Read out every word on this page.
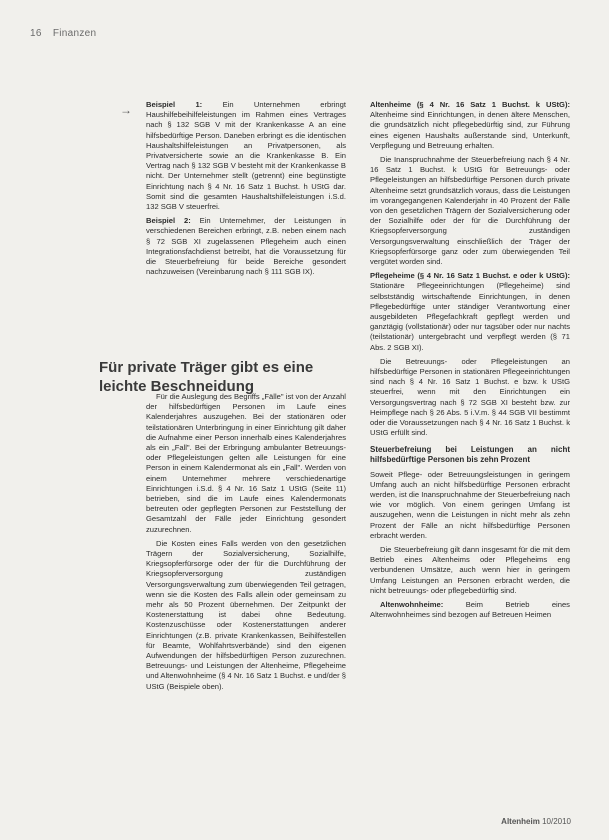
16 Finanzen
→ Beispiel 1:	Ein Unternehmen erbringt Haushilfebeihilfeleistungen im Rahmen eines Vertrages nach § 132 SGB V mit der Krankenkasse A an eine hilfsbedürftige Person. Daneben erbringt es die identischen Haushaltshilfeleistungen an Privatpersonen, als Privatversicherte sowie an die Krankenkasse B. Ein Vertrag nach § 132 SGB V besteht mit der Krankenkasse B nicht. Der Unternehmer stellt (getrennt) eine begünstigte Einrichtung nach § 4 Nr. 16 Satz 1 Buchst. h UStG dar. Somit sind die gesamten Haushaltshilfeleistungen i.S.d. 132 SGB V steuerfrei.

Beispiel 2: Ein Unternehmer, der Leistungen in verschiedenen Bereichen erbringt, z.B. neben einem nach § 72 SGB XI zugelassenen Pflegeheim auch einen Integrationsfachdienst betreibt, hat die Voraussetzung für die Steuerbefreiung für beide Bereiche gesondert nachzuweisen (Vereinbarung nach § 111 SGB IX).

Für private Träger gibt es eine leichte Beschneidung

Für die Auslegung des Begriffs „Fälle" ist von der Anzahl der hilfsbedürftigen Personen im Laufe eines Kalenderjahres auszugehen. Bei der stationären oder teilstationären Unterbringung in einer Einrichtung gilt daher die Aufnahme einer Person innerhalb eines Kalenderjahres als ein „Fall". Bei der Erbringung ambulanter Betreuungs- oder Pflegeleistungen gelten alle Leistungen für eine Person in einem Kalendermonat als ein „Fall". Werden von einem Unternehmer mehrere verschiedenartige Einrichtungen i.S.d. § 4 Nr. 16 Satz 1 UStG (Seite 11) betrieben, sind die im Laufe eines Kalendermonats betreuten oder gepflegten Personen zur Feststellung der Gesamtzahl der Fälle jeder Einrichtung gesondert zuzurechnen.

Die Kosten eines Falls werden von den gesetzlichen Trägern der Sozialversicherung, Sozialhilfe, Kriegsopferfürsorge oder der für die Durchführung der Kriegsopferversorgung zuständigen Versorgungsverwaltung zum überwiegenden Teil getragen, wenn sie die Kosten des Falls allein oder gemeinsam zu mehr als 50 Prozent übernehmen. Der Zeitpunkt der Kostenerstattung ist dabei ohne Bedeutung. Kostenzuschüsse oder Kostenerstattungen anderer Einrichtungen (z.B. private Krankenkassen, Beihilfestellen für Beamte, Wohlfahrtsverbände) sind den eigenen Aufwendungen der hilfsbedürftigen Person zuzurechnen. Betreuungs- und Leistungen der Altenheime, Pflegeheime und Altenwohnheime (§ 4 Nr. 16 Satz 1 Buchst. e und/der § UStG (Beispiele oben).

Altenheime (§ 4 Nr. 16 Satz 1 Buchst. k UStG): Altenheime sind Einrichtungen, in denen ältere Menschen, die grundsätzlich nicht pflegebedürftig sind, zur Führung eines eigenen Haushalts außerstande sind, Unterkunft, Verpflegung und Betreuung erhalten.

Die Inanspruchnahme der Steuerbefreiung nach § 4 Nr. 16 Satz 1 Buchst. k UStG für Betreuungs- oder Pflegeleistungen an hilfsbedürftige Personen durch private Altenheime setzt grundsätzlich voraus, dass die Leistungen im vorangegangenen Kalenderjahr in 40 Prozent der Fälle von den gesetzlichen Trägern der Sozialversicherung oder der Sozialhilfe oder der für die Durchführung der Kriegsopferversorgung zuständigen Versorgungsverwaltung einschließlich der Träger der Kriegsopferfürsorge ganz oder zum überwiegenden Teil vergütet worden sind.

Pflegeheime (§ 4 Nr. 16 Satz 1 Buchst. e oder k UStG): Stationäre Pflegeeinrichtungen (Pflegeheime) sind selbstständig wirtschaftende Einrichtungen, in denen Pflegebedürftige unter ständiger Verantwortung einer ausgebildeten Pflegefachkraft gepflegt werden und ganztägig (vollstationär) oder nur tagsüber oder nur nachts (teilstationär) untergebracht und verpflegt werden (§ 71 Abs. 2 SGB XI).

Die Betreuungs- oder Pflegeleistungen an hilfsbedürftige Personen in stationären Pflegeeinrichtungen sind nach § 4 Nr. 16 Satz 1 Buchst. e bzw. k UStG steuerfrei, wenn mit den Einrichtungen ein Versorgungsvertrag nach § 72 SGB XI besteht bzw. zur Heimpflege nach § 26 Abs. 5 i.V.m. § 44 SGB VII bestimmt oder die Voraussetzungen nach § 4 Nr. 16 Satz 1 Buchst. k UStG erfüllt sind.

Steuerbefreiung bei Leistungen an nicht hilfsbedürftige Personen bis zehn Prozent

Soweit Pflege- oder Betreuungsleistungen in geringem Umfang auch an nicht hilfsbedürftige Personen erbracht werden, ist die Inanspruchnahme der Steuerbefreiung nach wie vor möglich. Von einem geringen Umfang ist auszugehen, wenn die Leistungen in nicht mehr als zehn Prozent der Fälle an nicht hilfsbedürftige Personen erbracht werden.

Die Steuerbefreiung gilt dann insgesamt für die mit dem Betrieb eines Altenheims oder Pflegeheims eng verbundenen Umsätze, auch wenn hier in geringem Umfang Leistungen an Personen erbracht werden, die nicht betreuungs- oder pflegebedürftig sind.

Altenwohnheime:	Beim Betrieb eines Altenwohnheimes sind bezogen auf Betreuen Heimen

Altenheim 10/2010
